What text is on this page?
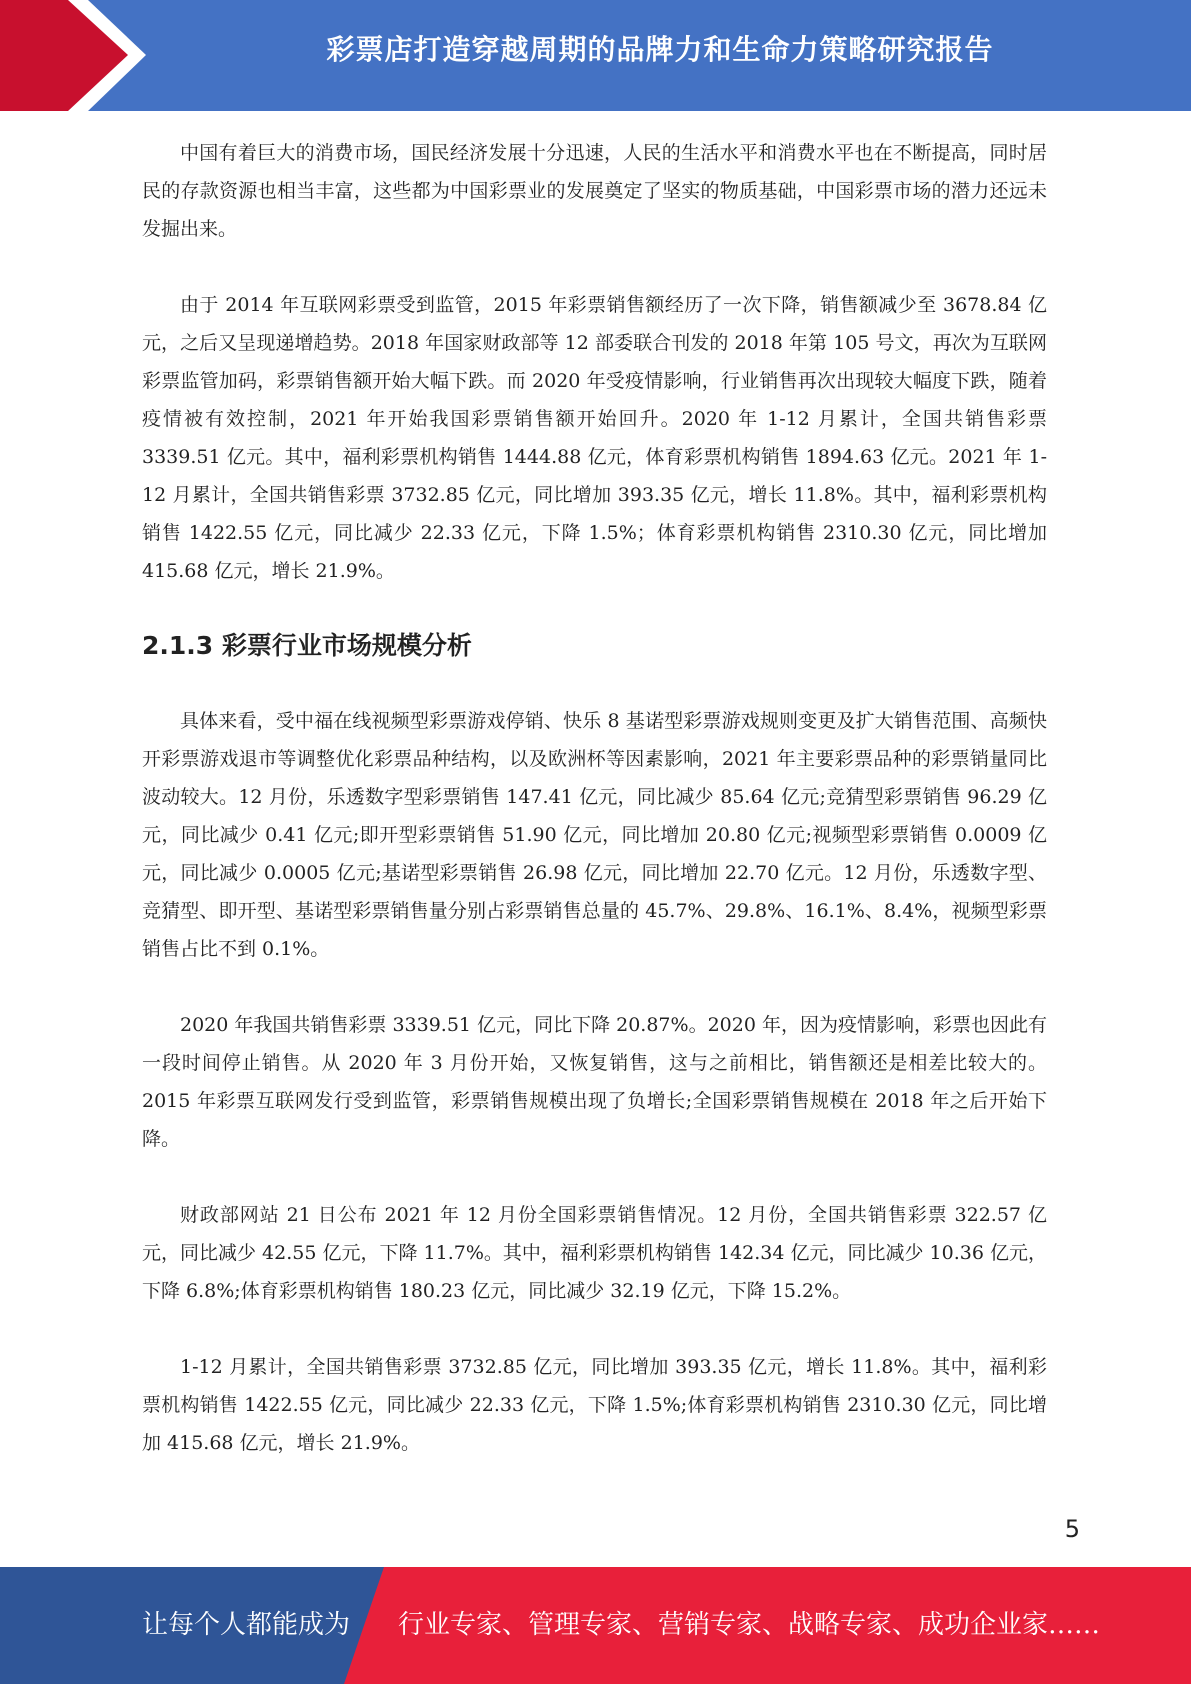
彩票店打造穿越周期的品牌力和生命力策略研究报告

中国有着巨大的消费市场，国民经济发展十分迅速，人民的生活水平和消费水平也在不断提高，同时居民的存款资源也相当丰富，这些都为中国彩票业的发展奠定了坚实的物质基础，中国彩票市场的潜力还远未发掘出来。

由于 2014 年互联网彩票受到监管，2015 年彩票销售额经历了一次下降，销售额减少至 3678.84 亿元，之后又呈现递增趋势。2018 年国家财政部等 12 部委联合刊发的 2018 年第 105 号文，再次为互联网彩票监管加码，彩票销售额开始大幅下跌。而 2020 年受疫情影响，行业销售再次出现较大幅度下跌，随着疫情被有效控制，2021 年开始我国彩票销售额开始回升。2020 年 1-12 月累计，全国共销售彩票 3339.51 亿元。其中，福利彩票机构销售 1444.88 亿元，体育彩票机构销售 1894.63 亿元。2021 年 1-12 月累计，全国共销售彩票 3732.85 亿元，同比增加 393.35 亿元，增长 11.8%。其中，福利彩票机构销售 1422.55 亿元，同比减少 22.33 亿元，下降 1.5%；体育彩票机构销售 2310.30 亿元，同比增加 415.68 亿元，增长 21.9%。

2.1.3 彩票行业市场规模分析

具体来看，受中福在线视频型彩票游戏停销、快乐 8 基诺型彩票游戏规则变更及扩大销售范围、高频快开彩票游戏退市等调整优化彩票品种结构，以及欧洲杯等因素影响，2021 年主要彩票品种的彩票销量同比波动较大。12 月份，乐透数字型彩票销售 147.41 亿元，同比减少 85.64 亿元;竞猜型彩票销售 96.29 亿元，同比减少 0.41 亿元;即开型彩票销售 51.90 亿元，同比增加 20.80 亿元;视频型彩票销售 0.0009 亿元，同比减少 0.0005 亿元;基诺型彩票销售 26.98 亿元，同比增加 22.70 亿元。12 月份，乐透数字型、竞猜型、即开型、基诺型彩票销售量分别占彩票销售总量的 45.7%、29.8%、16.1%、8.4%，视频型彩票销售占比不到 0.1%。

2020 年我国共销售彩票 3339.51 亿元，同比下降 20.87%。2020 年，因为疫情影响，彩票也因此有一段时间停止销售。从 2020 年 3 月份开始，又恢复销售，这与之前相比，销售额还是相差比较大的。2015 年彩票互联网发行受到监管，彩票销售规模出现了负增长;全国彩票销售规模在 2018 年之后开始下降。

财政部网站 21 日公布 2021 年 12 月份全国彩票销售情况。12 月份，全国共销售彩票 322.57 亿元，同比减少 42.55 亿元，下降 11.7%。其中，福利彩票机构销售 142.34 亿元，同比减少 10.36 亿元，下降 6.8%;体育彩票机构销售 180.23 亿元，同比减少 32.19 亿元，下降 15.2%。

1-12 月累计，全国共销售彩票 3732.85 亿元，同比增加 393.35 亿元，增长 11.8%。其中，福利彩票机构销售 1422.55 亿元，同比减少 22.33 亿元，下降 1.5%;体育彩票机构销售 2310.30 亿元，同比增加 415.68 亿元，增长 21.9%。

5
让每个人都能成为 行业专家、管理专家、营销专家、战略专家、成功企业家……
